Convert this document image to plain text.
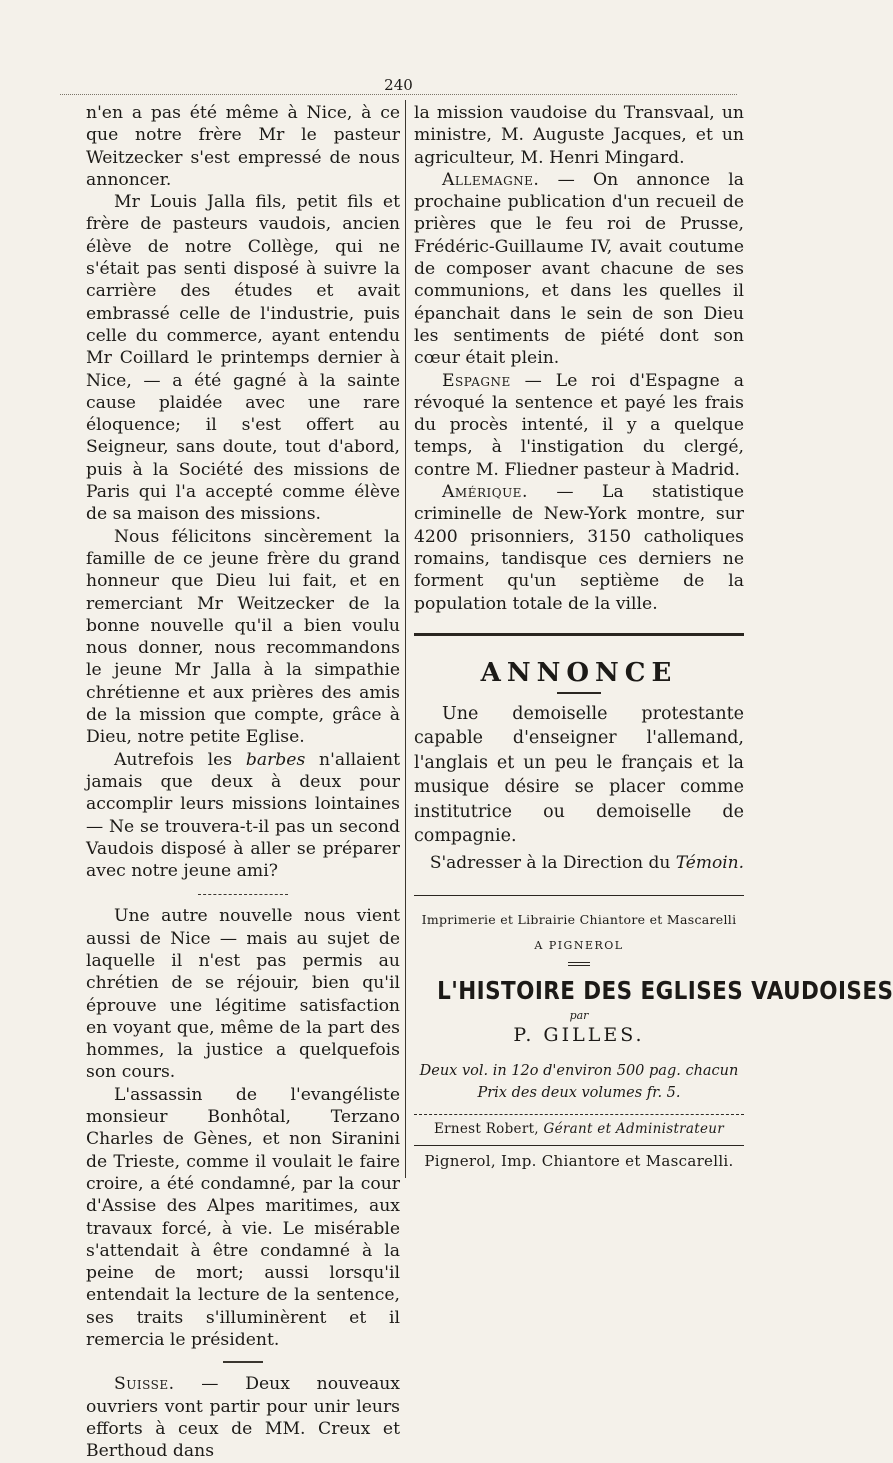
240

n'en a pas été même à Nice, à ce que notre frère Mr le pasteur Weitzecker s'est empressé de nous annoncer.

Mr Louis Jalla fils, petit fils et frère de pasteurs vaudois, ancien élève de notre Collège, qui ne s'était pas senti disposé à suivre la carrière des études et avait embrassé celle de l'industrie, puis celle du commerce, ayant entendu Mr Coillard le printemps dernier à Nice, — a été gagné à la sainte cause plaidée avec une rare éloquence; il s'est offert au Seigneur, sans doute, tout d'abord, puis à la Société des missions de Paris qui l'a accepté comme élève de sa maison des missions.

Nous félicitons sincèrement la famille de ce jeune frère du grand honneur que Dieu lui fait, et en remerciant Mr Weitzecker de la bonne nouvelle qu'il a bien voulu nous donner, nous recommandons le jeune Mr Jalla à la simpathie chrétienne et aux prières des amis de la mission que compte, grâce à Dieu, notre petite Eglise.

Autrefois les barbes n'allaient jamais que deux à deux pour accomplir leurs missions lointaines — Ne se trouvera-t-il pas un second Vaudois disposé à aller se préparer avec notre jeune ami?

Une autre nouvelle nous vient aussi de Nice — mais au sujet de laquelle il n'est pas permis au chrétien de se réjouir, bien qu'il éprouve une légitime satisfaction en voyant que, même de la part des hommes, la justice a quelquefois son cours.

L'assassin de l'evangéliste monsieur Bonhôtal, Terzano Charles de Gènes, et non Siranini de Trieste, comme il voulait le faire croire, a été condamné, par la cour d'Assise des Alpes maritimes, aux travaux forcé, à vie. Le misérable s'attendait à être condamné à la peine de mort; aussi lorsqu'il entendait la lecture de la sentence, ses traits s'illuminèrent et il remercia le président.

Suisse. — Deux nouveaux ouvriers vont partir pour unir leurs efforts à ceux de MM. Creux et Berthoud dans

la mission vaudoise du Transvaal, un ministre, M. Auguste Jacques, et un agriculteur, M. Henri Mingard.

Allemagne. — On annonce la prochaine publication d'un recueil de prières que le feu roi de Prusse, Frédéric-Guillaume IV, avait coutume de composer avant chacune de ses communions, et dans les quelles il épanchait dans le sein de son Dieu les sentiments de piété dont son cœur était plein.

Espagne — Le roi d'Espagne a révoqué la sentence et payé les frais du procès intenté, il y a quelque temps, à l'instigation du clergé, contre M. Fliedner pasteur à Madrid.

Amérique. — La statistique criminelle de New-York montre, sur 4200 prisonniers, 3150 catholiques romains, tandisque ces derniers ne forment qu'un septième de la population totale de la ville.

ANNONCE

Une demoiselle protestante capable d'enseigner l'allemand, l'anglais et un peu le français et la musique désire se placer comme institutrice ou demoiselle de compagnie.

S'adresser à la Direction du Témoin.
Imprimerie et Librairie Chiantore et Mascarelli
A PIGNEROL
L'HISTOIRE DES EGLISES VAUDOISES
par
P. GILLES.
Deux vol. in 12o d'environ 500 pag. chacun
Prix des deux volumes fr. 5.
Ernest Robert, Gérant et Administrateur
Pignerol, Imp. Chiantore et Mascarelli.
